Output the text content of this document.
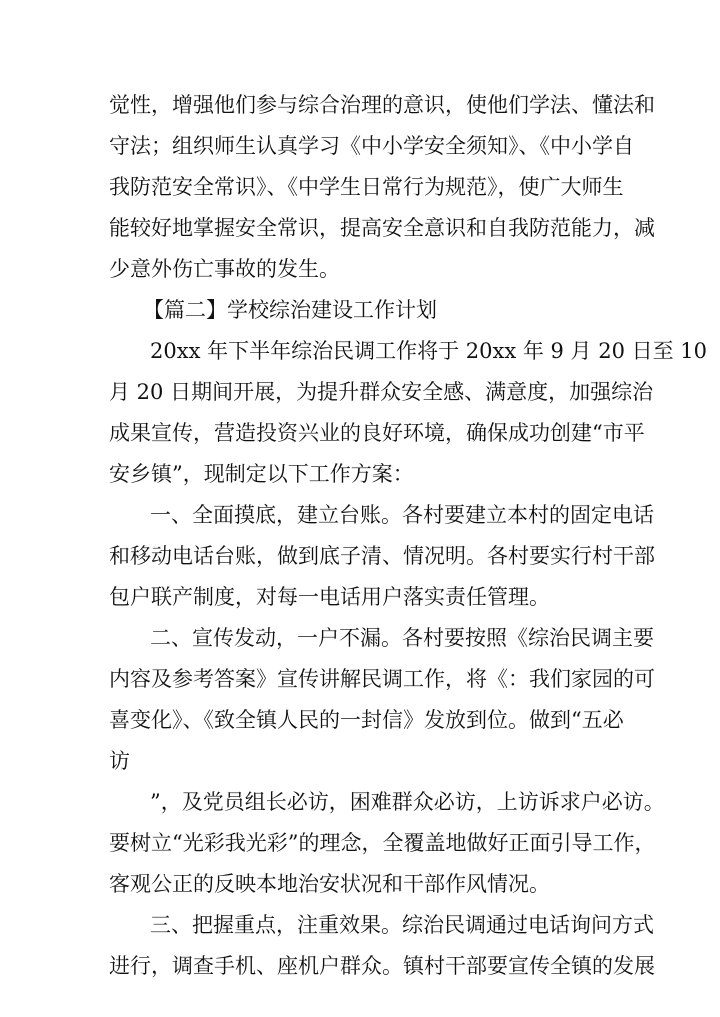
觉性，增强他们参与综合治理的意识，使他们学法、懂法和
守法；组织师生认真学习《中小学安全须知》、《中小学自
我防范安全常识》、《中学生日常行为规范》，使广大师生
能较好地掌握安全常识，提高安全意识和自我防范能力，减
少意外伤亡事故的发生。
【篇二】学校综治建设工作计划
20xx 年下半年综治民调工作将于 20xx 年 9 月 20 日至 10
月 20 日期间开展，为提升群众安全感、满意度，加强综治
成果宣传，营造投资兴业的良好环境，确保成功创建“市平
安乡镇”，现制定以下工作方案：
一、全面摸底，建立台账。各村要建立本村的固定电话
和移动电话台账，做到底子清、情况明。各村要实行村干部
包户联产制度，对每一电话用户落实责任管理。
二、宣传发动，一户不漏。各村要按照《综治民调主要
内容及参考答案》宣传讲解民调工作，将《：我们家园的可
喜变化》、《致全镇人民的一封信》发放到位。做到“五必
访
”，及党员组长必访，困难群众必访，上访诉求户必访。
要树立“光彩我光彩”的理念，全覆盖地做好正面引导工作，
客观公正的反映本地治安状况和干部作风情况。
三、把握重点，注重效果。综治民调通过电话询问方式
进行，调查手机、座机户群众。镇村干部要宣传全镇的发展
